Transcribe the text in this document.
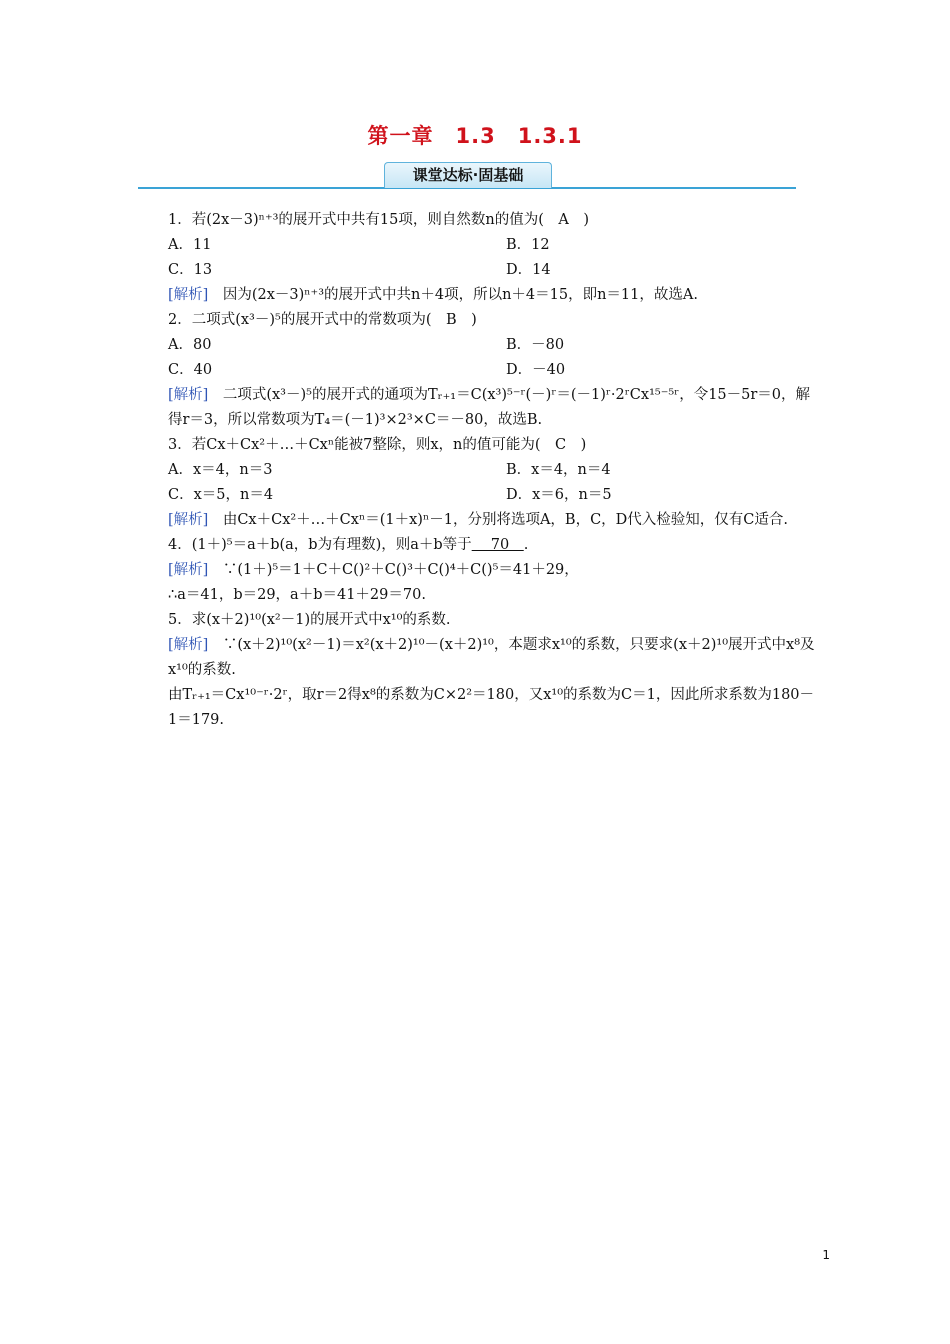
第一章　1.3　1.3.1
课堂达标·固基础
1．若(2x－3)ⁿ⁺³的展开式中共有15项，则自然数n的值为(　A　)
A．11	B．12
C．13	D．14
[解析]　因为(2x－3)ⁿ⁺³的展开式中共n＋4项，所以n＋4＝15，即n＝11，故选A.
2．二项式(x³－)⁵的展开式中的常数项为(　B　)
A．80	B．－80
C．40	D．－40
[解析]　二项式(x³－)⁵的展开式的通项为Tᵣ₊₁＝C(x³)⁵⁻ʳ(－)ʳ＝(－1)ʳ·2ʳCx¹⁵⁻⁵ʳ，令15－5r＝0，解得r＝3，所以常数项为T₄＝(－1)³×2³×C＝－80，故选B.
3．若Cx＋Cx²＋…＋Cxⁿ能被7整除，则x，n的值可能为(　C　)
A．x＝4，n＝3	B．x＝4，n＝4
C．x＝5，n＝4	D．x＝6，n＝5
[解析]　由Cx＋Cx²＋…＋Cxⁿ＝(1＋x)ⁿ－1，分别将选项A，B，C，D代入检验知，仅有C适合.
4．(1＋)⁵＝a＋b(a，b为有理数)，则a＋b等于　 70　.
[解析]　∵(1＋)⁵＝1＋C＋C()²＋C()³＋C()⁴＋C()⁵＝41＋29，
∴a＝41，b＝29，a＋b＝41＋29＝70.
5．求(x＋2)¹⁰(x²－1)的展开式中x¹⁰的系数.
[解析]　∵(x＋2)¹⁰(x²－1)＝x²(x＋2)¹⁰－(x＋2)¹⁰，本题求x¹⁰的系数，只要求(x＋2)¹⁰展开式中x⁸及x¹⁰的系数.
由Tᵣ₊₁＝Cx¹⁰⁻ʳ·2ʳ，取r＝2得x⁸的系数为C×2²＝180，又x¹⁰的系数为C＝1，因此所求系数为180－1＝179.
1
